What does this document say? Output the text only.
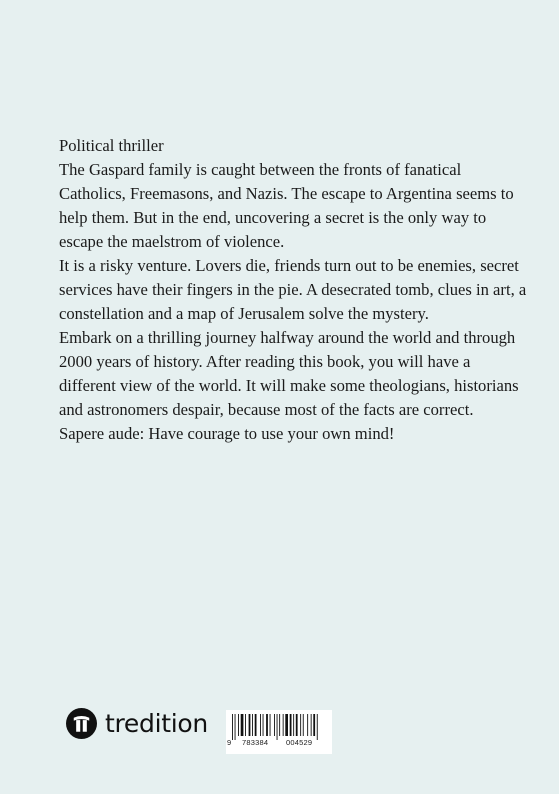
Political thriller

The Gaspard family is caught between the fronts of fanatical Catholics, Freemasons, and Nazis. The escape to Argentina seems to help them. But in the end, uncovering a secret is the only way to escape the maelstrom of violence.

It is a risky venture. Lovers die, friends turn out to be enemies, secret services have their fingers in the pie. A desecrated tomb, clues in art, a constellation and a map of Jerusalem solve the mystery.

Embark on a thrilling journey halfway around the world and through 2000 years of history. After reading this book, you will have a different view of the world. It will make some theologians, historians and astronomers despair, because most of the facts are correct.

Sapere aude: Have courage to use your own mind!

tredition
9 783384 004529
